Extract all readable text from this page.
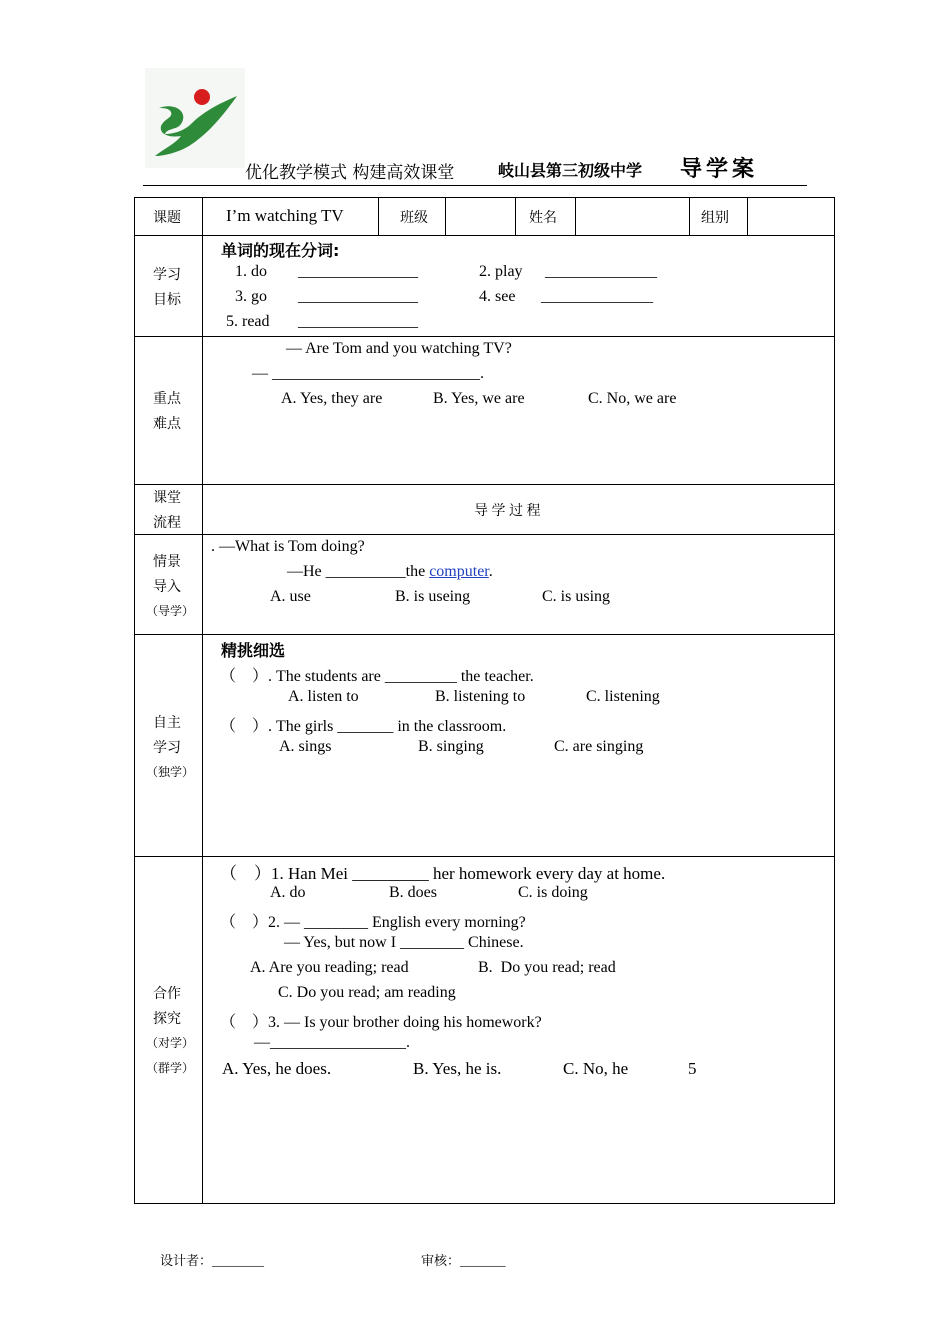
优化教学模式 构建高效课堂	岐山县第三初级中学 导学案
课题	I’m watching TV	班级	姓名	组别
学习
目标
单词的现在分词:
1. do _______________	2. play ______________
3. go _______________	4. see ______________
5. read _______________
重点
难点
— Are Tom and you watching TV?
— __________________________.
A. Yes, they are	B. Yes, we are	C. No, we are
课堂
流程
导 学 过 程
情景
导入
（导学）
. —What is Tom doing?
—He __________the computer.
A. use	B. is useing	C. is using
自主
学习
（独学）
精挑细选
（    ）. The students are _________ the teacher.
A. listen to	B. listening to	C. listening
（    ）. The girls _______ in the classroom.
A. sings	B. singing	C. are singing
合作
探究
（对学）
（群学）
（    ）1. Han Mei _________ her homework every day at home.
A. do	B. does	C. is doing
（    ）2. — ________ English every morning?
— Yes, but now I ________ Chinese.
A. Are you reading; read	B.  Do you read; read
C. Do you read; am reading
（    ）3. — Is your brother doing his homework?
—_________________.
A. Yes, he does.	B. Yes, he is.	C. No, he	5
设计者：________	审核：_______
